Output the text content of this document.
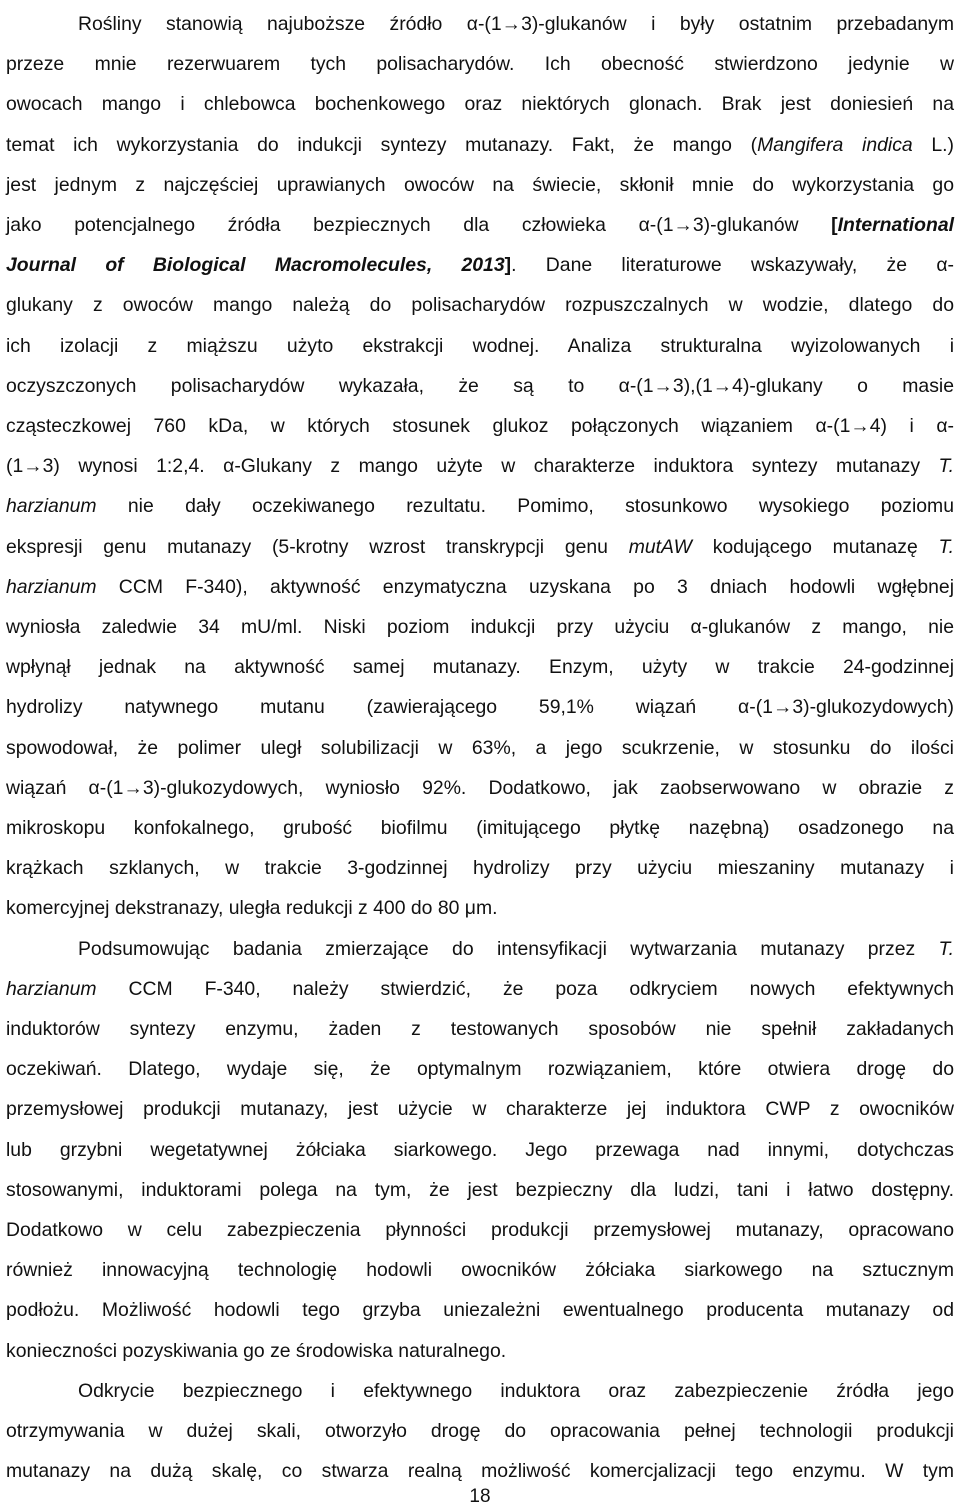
Rośliny stanowią najuboższe źródło α-(1→3)-glukanów i były ostatnim przebadanym
przeze mnie rezerwuarem tych polisacharydów. Ich obecność stwierdzono jedynie w
owocach mango i chlebowca bochenkowego oraz niektórych glonach. Brak jest doniesień na
temat ich wykorzystania do indukcji syntezy mutanazy. Fakt, że mango (Mangifera indica L.)
jest jednym z najczęściej uprawianych owoców na świecie, skłonił mnie do wykorzystania go
jako potencjalnego źródła bezpiecznych dla człowieka α-(1→3)-glukanów [International
Journal of Biological Macromolecules, 2013]. Dane literaturowe wskazywały, że α-
glukany z owoców mango należą do polisacharydów rozpuszczalnych w wodzie, dlatego do
ich izolacji z miąższu użyto ekstrakcji wodnej. Analiza strukturalna wyizolowanych i
oczyszczonych polisacharydów wykazała, że są to α-(1→3),(1→4)-glukany o masie
cząsteczkowej 760 kDa, w których stosunek glukoz połączonych wiązaniem α-(1→4) i α-
(1→3) wynosi 1:2,4. α-Glukany z mango użyte w charakterze induktora syntezy mutanazy T.
harzianum nie dały oczekiwanego rezultatu. Pomimo, stosunkowo wysokiego poziomu
ekspresji genu mutanazy (5-krotny wzrost transkrypcji genu mutAW kodującego mutanazę T.
harzianum CCM F-340), aktywność enzymatyczna uzyskana po 3 dniach hodowli wgłębnej
wyniosła zaledwie 34 mU/ml. Niski poziom indukcji przy użyciu α-glukanów z mango, nie
wpłynął jednak na aktywność samej mutanazy. Enzym, użyty w trakcie 24-godzinnej
hydrolizy natywnego mutanu (zawierającego 59,1% wiązań α-(1→3)-glukozydowych)
spowodował, że polimer uległ solubilizacji w 63%, a jego scukrzenie, w stosunku do ilości
wiązań α-(1→3)-glukozydowych, wyniosło 92%. Dodatkowo, jak zaobserwowano w obrazie z
mikroskopu konfokalnego, grubość biofilmu (imitującego płytkę nazębną) osadzonego na
krążkach szklanych, w trakcie 3-godzinnej hydrolizy przy użyciu mieszaniny mutanazy i
komercyjnej dekstranazy, uległa redukcji z 400 do 80 μm.
Podsumowując badania zmierzające do intensyfikacji wytwarzania mutanazy przez T.
harzianum CCM F-340, należy stwierdzić, że poza odkryciem nowych efektywnych
induktorów syntezy enzymu, żaden z testowanych sposobów nie spełnił zakładanych
oczekiwań. Dlatego, wydaje się, że optymalnym rozwiązaniem, które otwiera drogę do
przemysłowej produkcji mutanazy, jest użycie w charakterze jej induktora CWP z owocników
lub grzybni wegetatywnej żółciaka siarkowego. Jego przewaga nad innymi, dotychczas
stosowanymi, induktorami polega na tym, że jest bezpieczny dla ludzi, tani i łatwo dostępny.
Dodatkowo w celu zabezpieczenia płynności produkcji przemysłowej mutanazy, opracowano
również innowacyjną technologię hodowli owocników żółciaka siarkowego na sztucznym
podłożu. Możliwość hodowli tego grzyba uniezależni ewentualnego producenta mutanazy od
konieczności pozyskiwania go ze środowiska naturalnego.
Odkrycie bezpiecznego i efektywnego induktora oraz zabezpieczenie źródła jego
otrzymywania w dużej skali, otworzyło drogę do opracowania pełnej technologii produkcji
mutanazy na dużą skalę, co stwarza realną możliwość komercjalizacji tego enzymu. W tym
18
